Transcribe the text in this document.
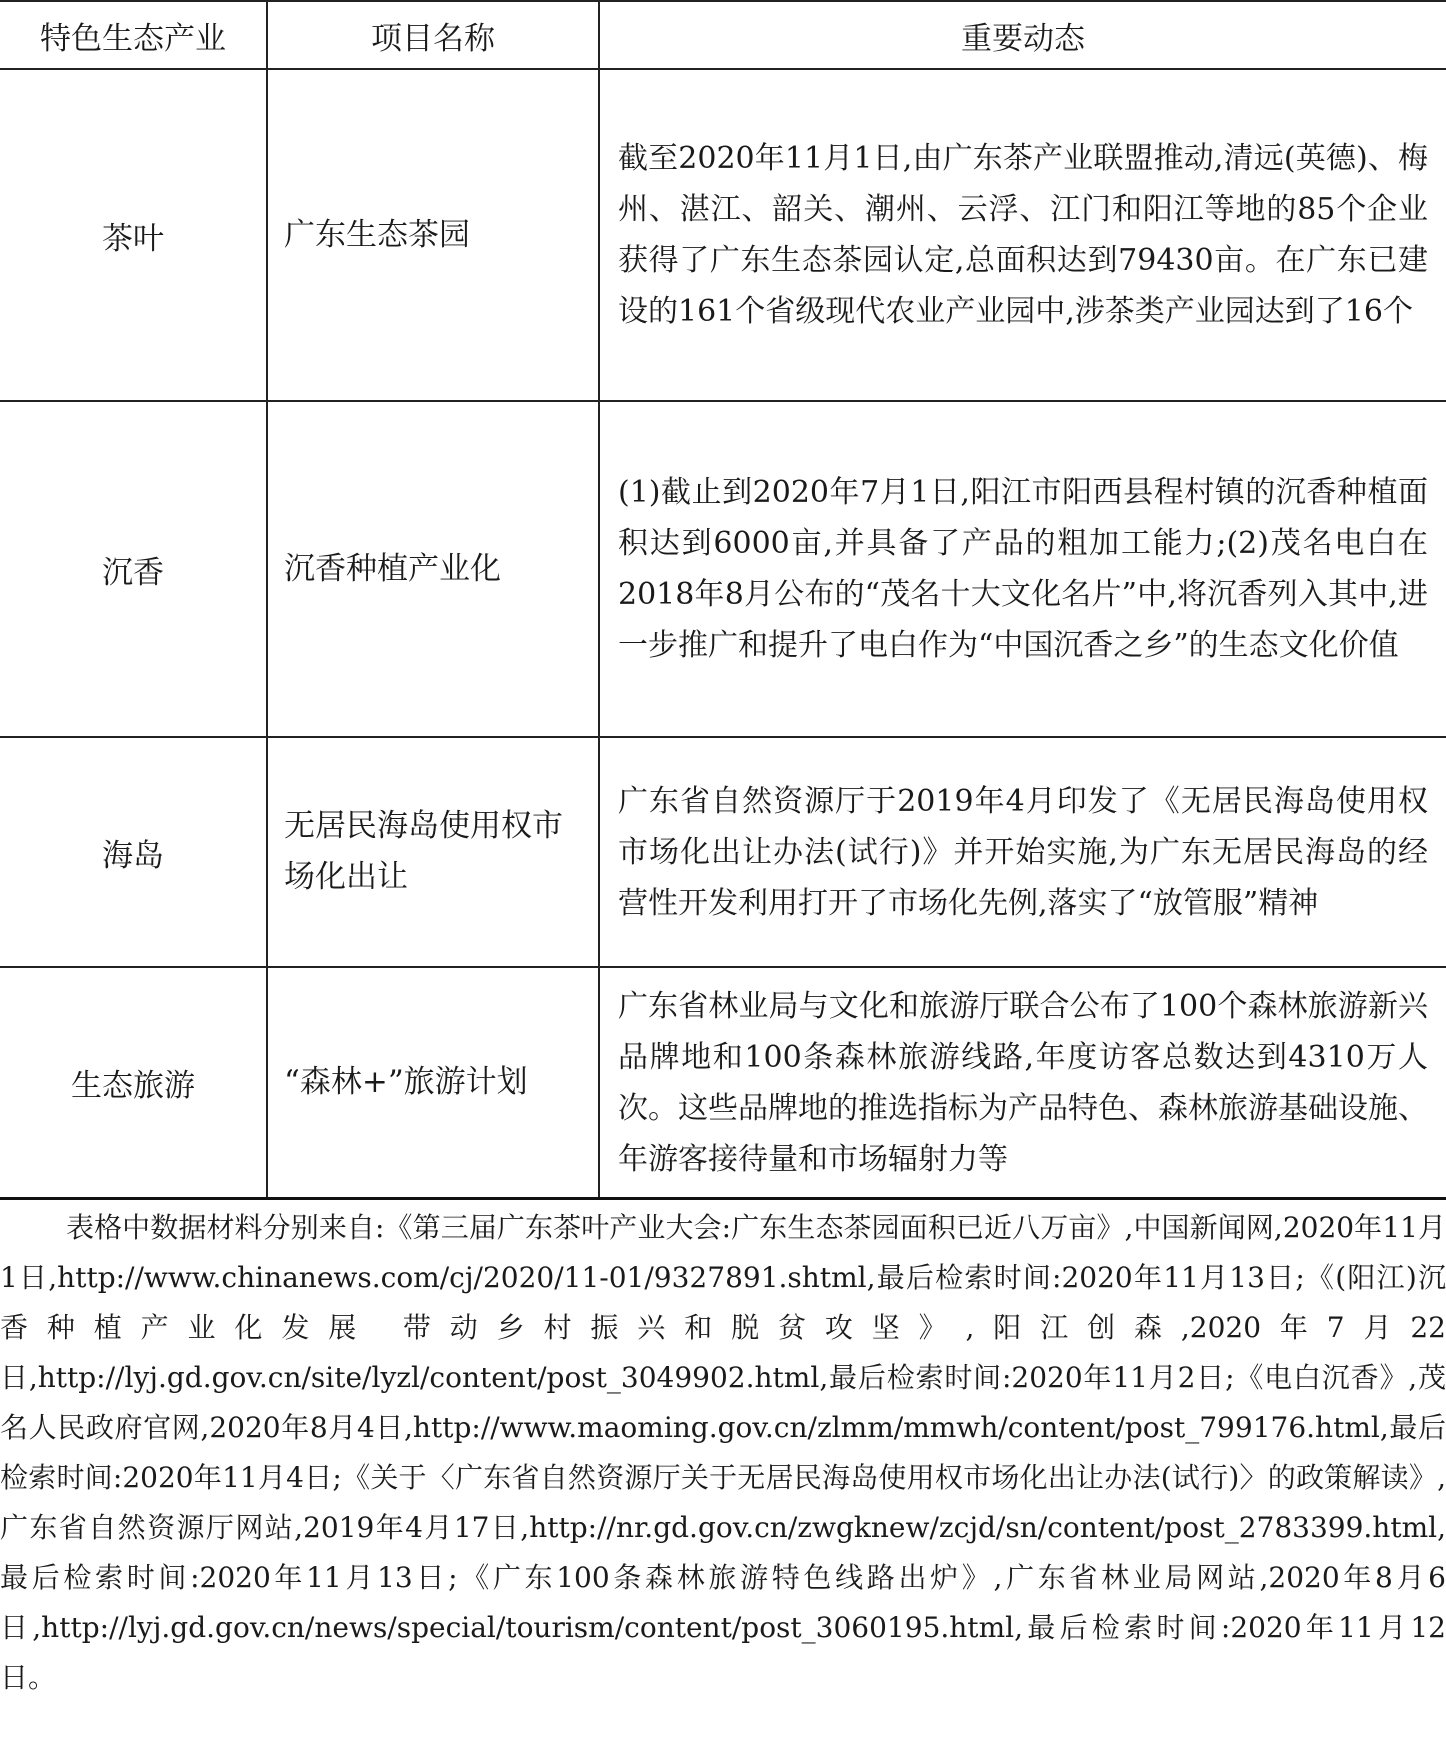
特色生态产业	项目名称	重要动态
茶叶	广东生态茶园	截至2020年11月1日,由广东茶产业联盟推动,清远(英德)、梅州、湛江、韶关、潮州、云浮、江门和阳江等地的85个企业获得了广东生态茶园认定,总面积达到79430亩。在广东已建设的161个省级现代农业产业园中,涉茶类产业园达到了16个
沉香	沉香种植产业化	(1)截止到2020年7月1日,阳江市阳西县程村镇的沉香种植面积达到6000亩,并具备了产品的粗加工能力;(2)茂名电白在2018年8月公布的“茂名十大文化名片”中,将沉香列入其中,进一步推广和提升了电白作为“中国沉香之乡”的生态文化价值
海岛	无居民海岛使用权市场化出让	广东省自然资源厅于2019年4月印发了《无居民海岛使用权市场化出让办法(试行)》并开始实施,为广东无居民海岛的经营性开发利用打开了市场化先例,落实了“放管服”精神
生态旅游	“森林+”旅游计划	广东省林业局与文化和旅游厅联合公布了100个森林旅游新兴品牌地和100条森林旅游线路,年度访客总数达到4310万人次。这些品牌地的推选指标为产品特色、森林旅游基础设施、年游客接待量和市场辐射力等

表格中数据材料分别来自:《第三届广东茶叶产业大会:广东生态茶园面积已近八万亩》,中国新闻网,2020年11月1日,http://www.chinanews.com/cj/2020/11-01/9327891.shtml,最后检索时间:2020年11月13日;《(阳江)沉香种植产业化发展 带动乡村振兴和脱贫攻坚》,阳江创森,2020年7月22日,http://lyj.gd.gov.cn/site/lyzl/content/post_3049902.html,最后检索时间:2020年11月2日;《电白沉香》,茂名人民政府官网,2020年8月4日,http://www.maoming.gov.cn/zlmm/mmwh/content/post_799176.html,最后检索时间:2020年11月4日;《关于〈广东省自然资源厅关于无居民海岛使用权市场化出让办法(试行)〉的政策解读》,广东省自然资源厅网站,2019年4月17日,http://nr.gd.gov.cn/zwgknew/zcjd/sn/content/post_2783399.html,最后检索时间:2020年11月13日;《广东100条森林旅游特色线路出炉》,广东省林业局网站,2020年8月6日,http://lyj.gd.gov.cn/news/special/tourism/content/post_3060195.html,最后检索时间:2020年11月12日。
